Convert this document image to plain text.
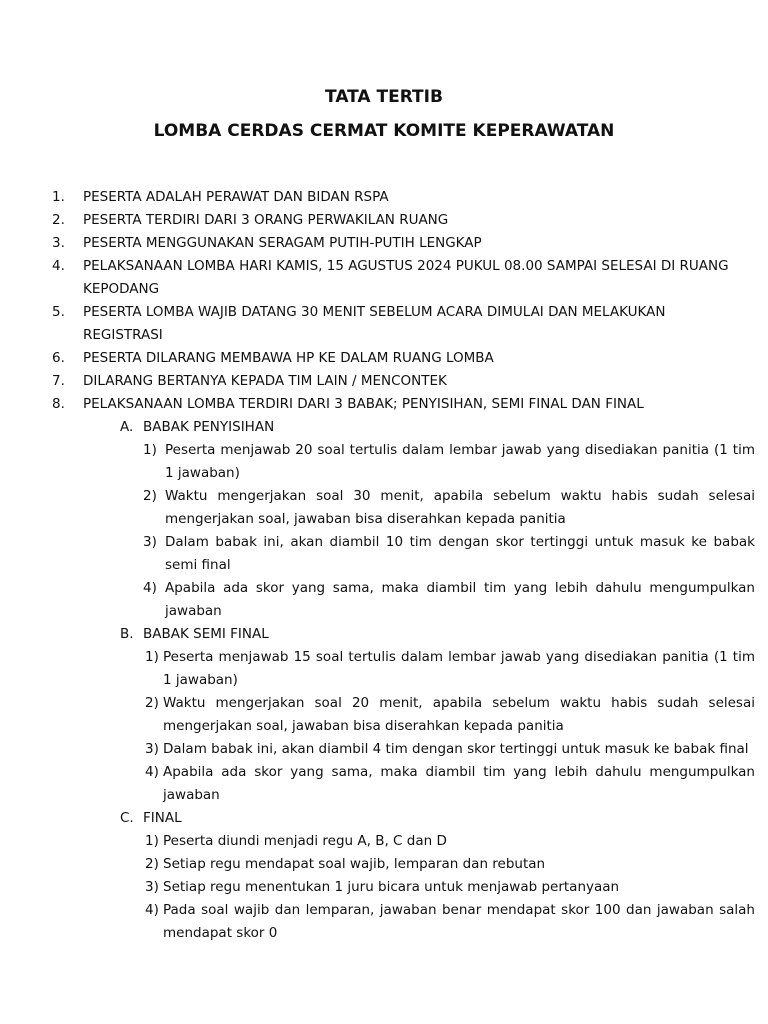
TATA TERTIB
LOMBA CERDAS CERMAT KOMITE KEPERAWATAN
1. PESERTA ADALAH PERAWAT DAN BIDAN RSPA
2. PESERTA TERDIRI DARI 3 ORANG PERWAKILAN RUANG
3. PESERTA MENGGUNAKAN SERAGAM PUTIH-PUTIH LENGKAP
4. PELAKSANAAN LOMBA HARI KAMIS, 15 AGUSTUS 2024 PUKUL 08.00 SAMPAI SELESAI DI RUANG KEPODANG
5. PESERTA LOMBA WAJIB DATANG 30 MENIT SEBELUM ACARA DIMULAI DAN MELAKUKAN REGISTRASI
6. PESERTA DILARANG MEMBAWA HP KE DALAM RUANG LOMBA
7. DILARANG BERTANYA KEPADA TIM LAIN / MENCONTEK
8. PELAKSANAAN LOMBA TERDIRI DARI 3 BABAK; PENYISIHAN, SEMI FINAL DAN FINAL
A. BABAK PENYISIHAN
1) Peserta menjawab 20 soal tertulis dalam lembar jawab yang disediakan panitia (1 tim 1 jawaban)
2) Waktu mengerjakan soal 30 menit, apabila sebelum waktu habis sudah selesai mengerjakan soal, jawaban bisa diserahkan kepada panitia
3) Dalam babak ini, akan diambil 10 tim dengan skor tertinggi untuk masuk ke babak semi final
4) Apabila ada skor yang sama, maka diambil tim yang lebih dahulu mengumpulkan jawaban
B. BABAK SEMI FINAL
1) Peserta menjawab 15 soal tertulis dalam lembar jawab yang disediakan panitia (1 tim 1 jawaban)
2) Waktu mengerjakan soal 20 menit, apabila sebelum waktu habis sudah selesai mengerjakan soal, jawaban bisa diserahkan kepada panitia
3) Dalam babak ini, akan diambil 4 tim dengan skor tertinggi untuk masuk ke babak final
4) Apabila ada skor yang sama, maka diambil tim yang lebih dahulu mengumpulkan jawaban
C. FINAL
1) Peserta diundi menjadi regu A, B, C dan D
2) Setiap regu mendapat soal wajib, lemparan dan rebutan
3) Setiap regu menentukan 1 juru bicara untuk menjawab pertanyaan
4) Pada soal wajib dan lemparan, jawaban benar mendapat skor 100 dan jawaban salah mendapat skor 0
